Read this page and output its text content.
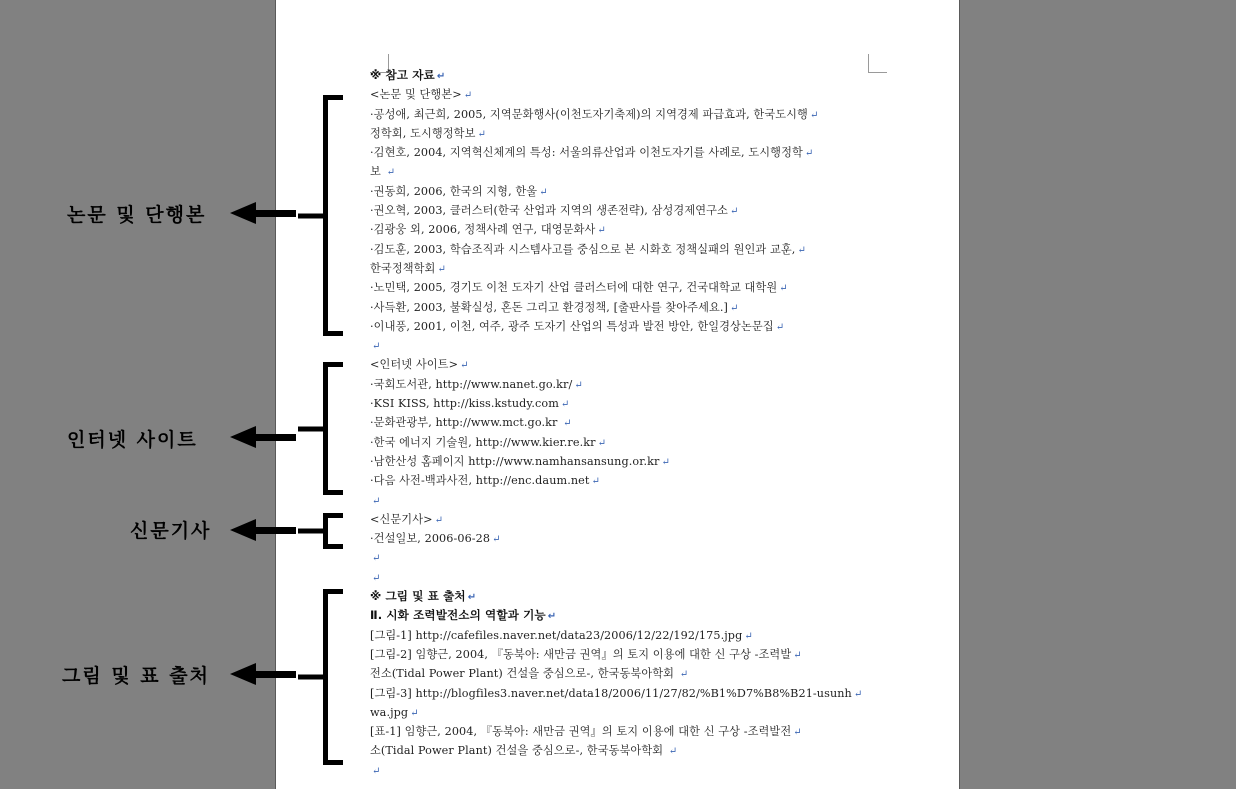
※ 참고 자료 ↵
<논문 및 단행본> ↵
·공성애, 최근희, 2005, 지역문화행사(이천도자기축제)의 지역경제 파급효과, 한국도시행 ↵
정학회, 도시행정학보 ↵
·김현호, 2004, 지역혁신체계의 특성: 서울의류산업과 이천도자기를 사례로, 도시행정학 ↵
보 ↵
·권동희, 2006, 한국의 지형, 한울 ↵
·권오혁, 2003, 클러스터(한국 산업과 지역의 생존전략), 삼성경제연구소 ↵
·김광웅 외, 2006, 정책사례 연구, 대영문화사 ↵
·김도훈, 2003, 학습조직과 시스템사고를 중심으로 본 시화호 정책실패의 원인과 교훈, ↵
한국정책학회 ↵
·노민택, 2005, 경기도 이천 도자기 산업 클러스터에 대한 연구, 건국대학교 대학원 ↵
·사득환, 2003, 불확실성, 혼돈 그리고 환경정책, [출판사를 찾아주세요.] ↵
·이내풍, 2001, 이천, 여주, 광주 도자기 산업의 특성과 발전 방안, 한일경상논문집 ↵
↵
<인터넷 사이트> ↵
·국회도서관, http://www.nanet.go.kr/ ↵
·KSI KISS, http://kiss.kstudy.com ↵
·문화관광부, http://www.mct.go.kr ↵
·한국 에너지 기술원, http://www.kier.re.kr ↵
·남한산성 홈페이지 http://www.namhansansung.or.kr ↵
·다음 사전-백과사전, http://enc.daum.net ↵
↵
<신문기사> ↵
·건설일보, 2006-06-28 ↵
↵
↵
※ 그림 및 표 출처 ↵
Ⅱ. 시화 조력발전소의 역할과 기능 ↵
[그림-1] http://cafefiles.naver.net/data23/2006/12/22/192/175.jpg ↵
[그림-2] 임향근, 2004, 『동북아: 새만금 권역』의 토지 이용에 대한 신 구상 -조력발 ↵
전소(Tidal Power Plant) 건설을 중심으로-, 한국동북아학회 ↵
[그림-3] http://blogfiles3.naver.net/data18/2006/11/27/82/%B1%D7%B8%B21-usunh ↵
wa.jpg ↵
[표-1] 임향근, 2004, 『동북아: 새만금 권역』의 토지 이용에 대한 신 구상 -조력발전 ↵
소(Tidal Power Plant) 건설을 중심으로-, 한국동북아학회 ↵
↵
논문 및 단행본
인터넷 사이트
신문기사
그림 및 표 출처
